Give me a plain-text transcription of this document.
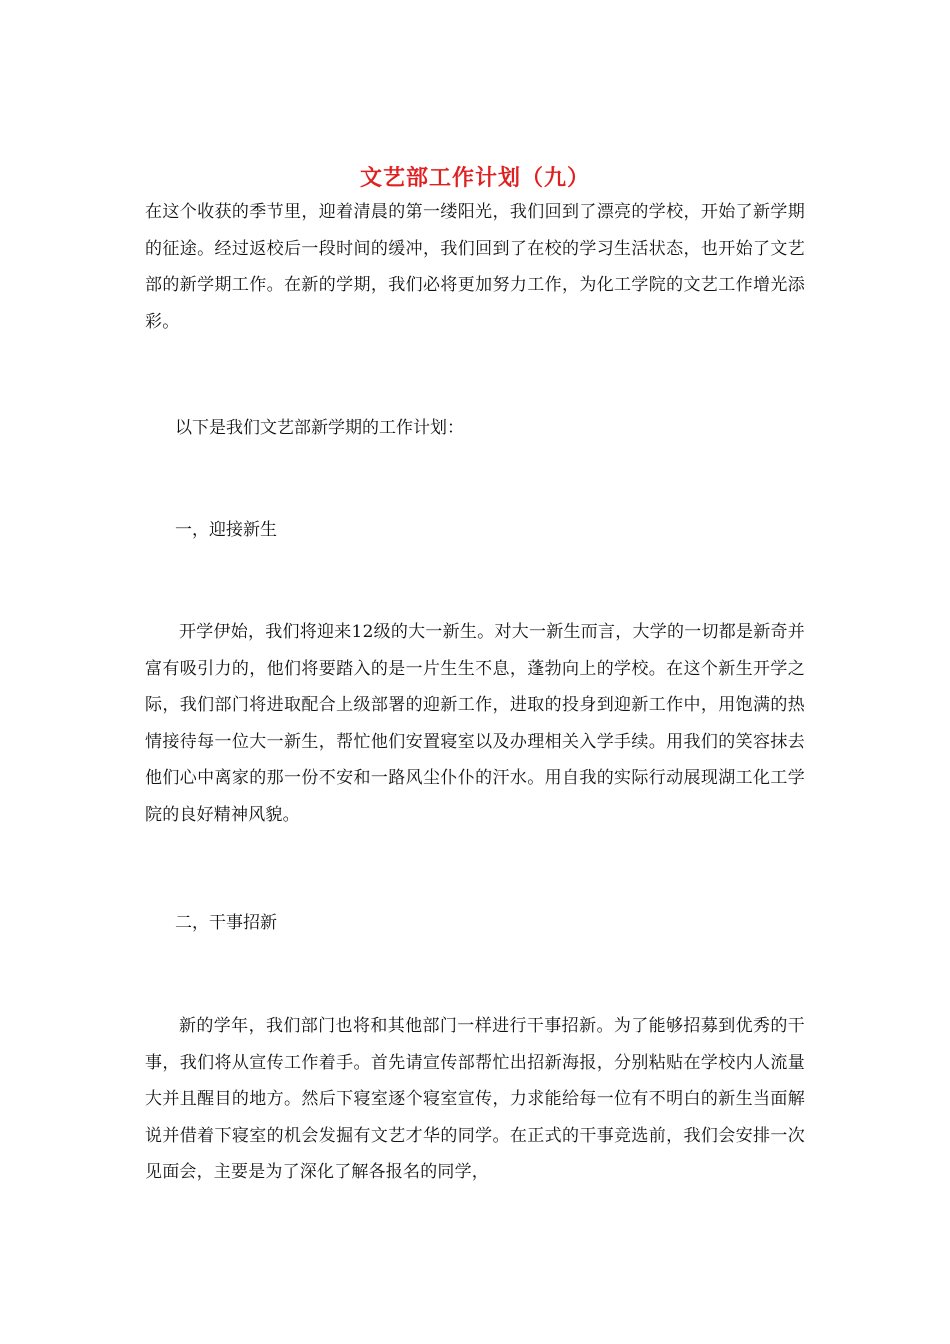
文艺部工作计划（九）

在这个收获的季节里，迎着清晨的第一缕阳光，我们回到了漂亮的学校，开始了新学期的征途。经过返校后一段时间的缓冲，我们回到了在校的学习生活状态，也开始了文艺部的新学期工作。在新的学期，我们必将更加努力工作，为化工学院的文艺工作增光添彩。

以下是我们文艺部新学期的工作计划：

一，迎接新生

开学伊始，我们将迎来12级的大一新生。对大一新生而言，大学的一切都是新奇并富有吸引力的，他们将要踏入的是一片生生不息，蓬勃向上的学校。在这个新生开学之际，我们部门将进取配合上级部署的迎新工作，进取的投身到迎新工作中，用饱满的热情接待每一位大一新生，帮忙他们安置寝室以及办理相关入学手续。用我们的笑容抹去他们心中离家的那一份不安和一路风尘仆仆的汗水。用自我的实际行动展现湖工化工学院的良好精神风貌。

二，干事招新

新的学年，我们部门也将和其他部门一样进行干事招新。为了能够招募到优秀的干事，我们将从宣传工作着手。首先请宣传部帮忙出招新海报，分别粘贴在学校内人流量大并且醒目的地方。然后下寝室逐个寝室宣传，力求能给每一位有不明白的新生当面解说并借着下寝室的机会发掘有文艺才华的同学。在正式的干事竞选前，我们会安排一次见面会，主要是为了深化了解各报名的同学，
